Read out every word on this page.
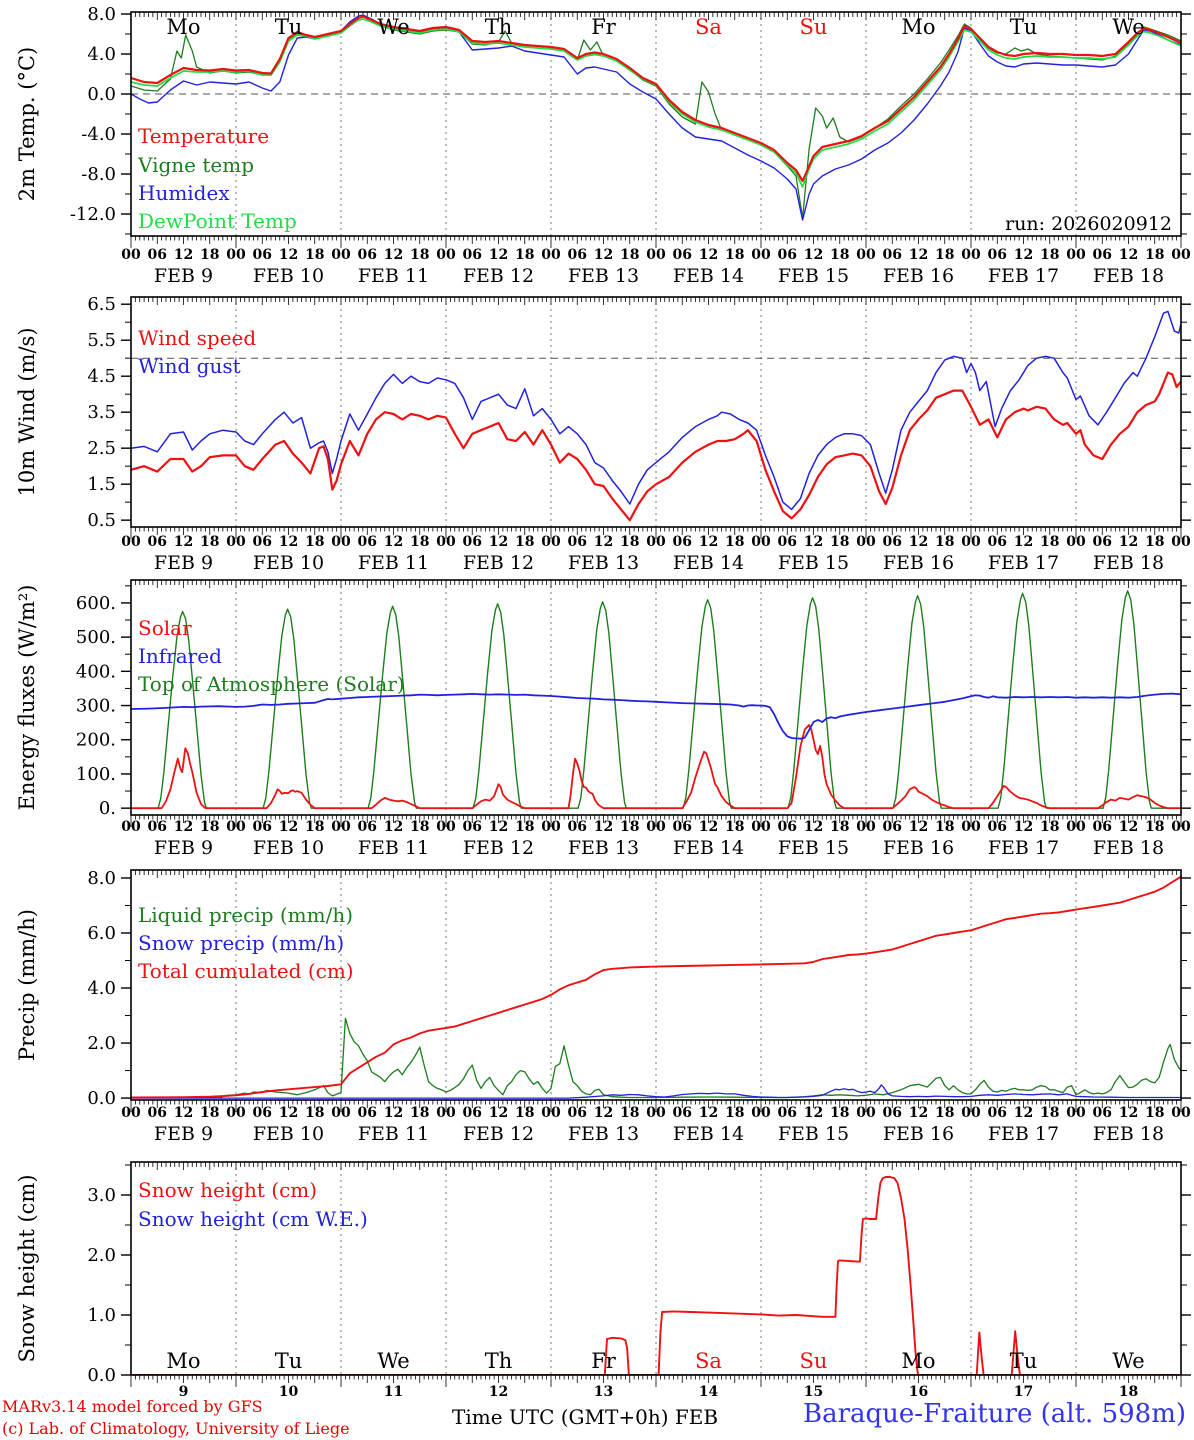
8.0
4.0
0.0
-4.0
-8.0
-12.0
Temperature
Vigne temp
Humidex
DewPoint Temp
00 06 12 18 00 06 12 18 00 06 12 18 00 06 12 18 00 06 12 18 00 06 12 18 00 06 12 18 00 06 12 18 00 06 12 18 00 06 12 18 00
FEB 9 FEB 10 FEB 11 FEB 12 FEB 13 FEB 14 FEB 15 FEB 16 FEB 17 FEB 18
Mo	Tu	We	Th	Fr	Sa	Su	Mo	Tu	We
2m Temp. (°C)
6.5
5.5
4.5
3.5
2.5
1.5
0.5
Wind speed
Wind gust
00 06 12 18 00 06 12 18 00 06 12 18 00 06 12 18 00 06 12 18 00 06 12 18 00 06 12 18 00 06 12 18 00 06 12 18 00 06 12 18 00
FEB 9 FEB 10 FEB 11 FEB 12 FEB 13 FEB 14 FEB 15 FEB 16 FEB 17 FEB 18
10m Wind (m/s)
600.
500.
400.
300.
200.
100.
0.
Solar
Infrared
Top of Atmosphere (Solar)
00 06 12 18 00 06 12 18 00 06 12 18 00 06 12 18 00 06 12 18 00 06 12 18 00 06 12 18 00 06 12 18 00 06 12 18 00 06 12 18 00
FEB 9 FEB 10 FEB 11 FEB 12 FEB 13 FEB 14 FEB 15 FEB 16 FEB 17 FEB 18
Energy fluxes (W/m²)
8.0
6.0
4.0
2.0
0.0
Liquid precip (mm/h)
Snow precip (mm/h)
Total cumulated (cm)
00 06 12 18 00 06 12 18 00 06 12 18 00 06 12 18 00 06 12 18 00 06 12 18 00 06 12 18 00 06 12 18 00 06 12 18 00 06 12 18 00
FEB 9 FEB 10 FEB 11 FEB 12 FEB 13 FEB 14 FEB 15 FEB 16 FEB 17 FEB 18
Precip (mm/h)
3.0
2.0
1.0
0.0
Snow height (cm)
Snow height (cm W.E.)
Mo	Tu	We	Th	Fr	Sa	Su	Mo	Tu	We
9	10	11	12	13	14	15	16	17	18
Snow height (cm)
run: 2026020912
MARv3.14 model forced by GFS
(c) Lab. of Climatology, University of Liege	Time UTC (GMT+0h) FEB	Baraque-Fraiture (alt. 598m)
